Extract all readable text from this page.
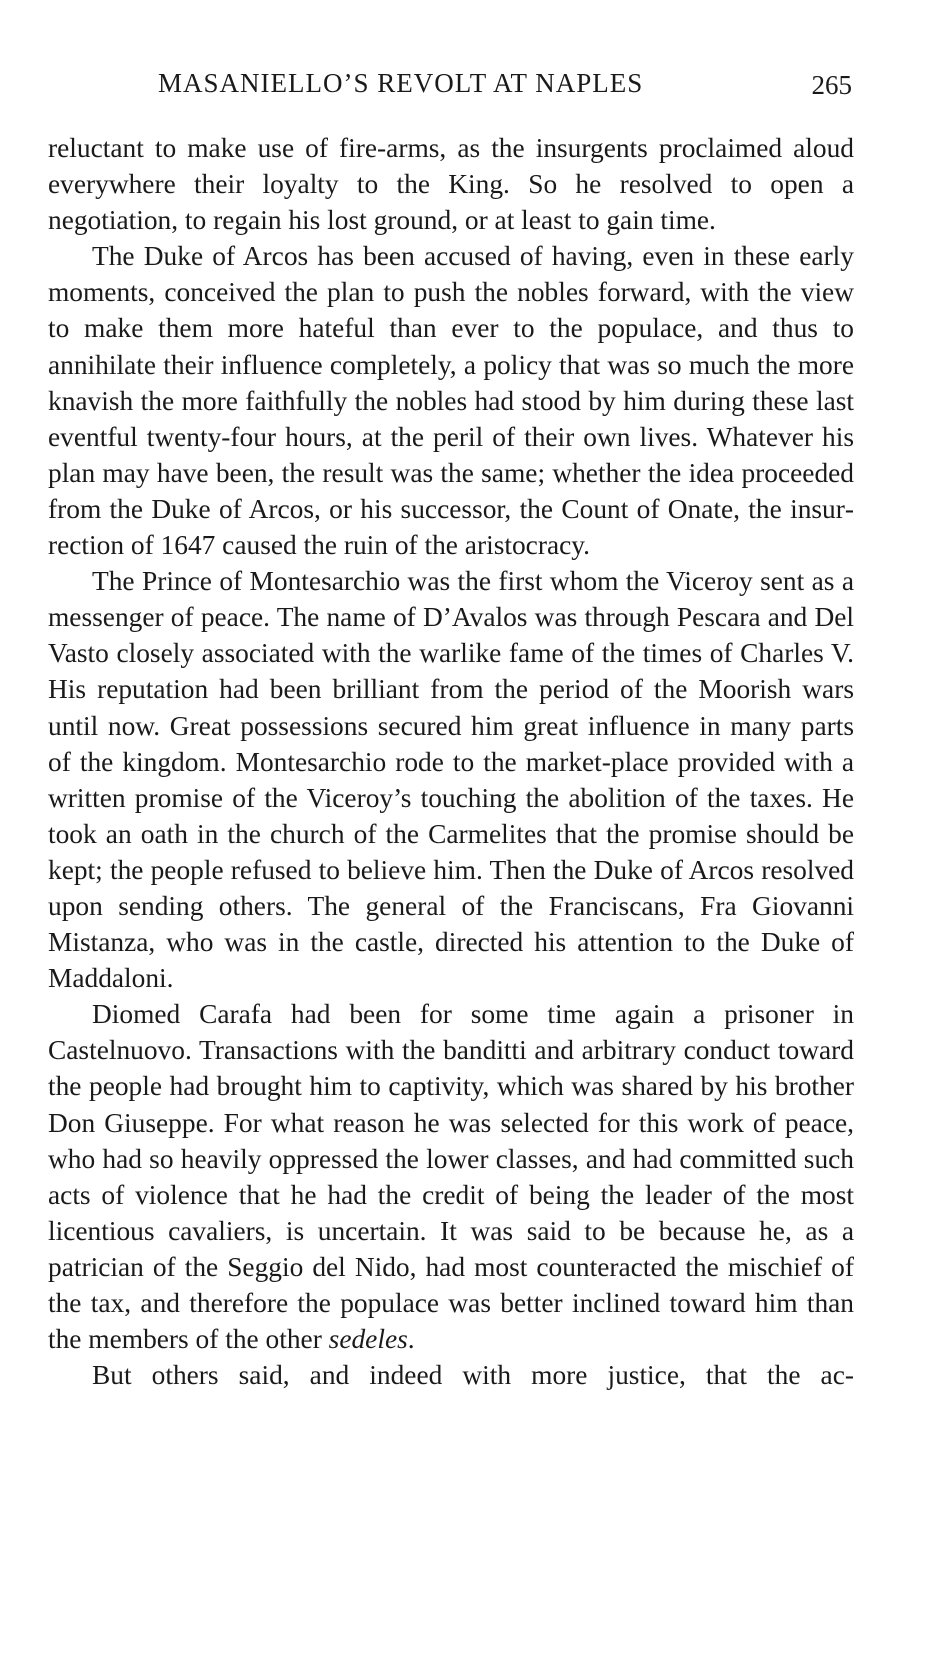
MASANIELLO’S REVOLT AT NAPLES	265

reluctant to make use of fire-arms, as the insurgents proclaimed aloud everywhere their loyalty to the King. So he resolved to open a negotiation, to regain his lost ground, or at least to gain time.

The Duke of Arcos has been accused of having, even in these early moments, conceived the plan to push the nobles forward, with the view to make them more hateful than ever to the populace, and thus to annihilate their influence completely, a policy that was so much the more knavish the more faithfully the nobles had stood by him during these last eventful twenty-four hours, at the peril of their own lives. Whatever his plan may have been, the result was the same; whether the idea proceeded from the Duke of Arcos, or his successor, the Count of Onate, the insurrection of 1647 caused the ruin of the aristocracy.

The Prince of Montesarchio was the first whom the Viceroy sent as a messenger of peace. The name of D’Avalos was through Pescara and Del Vasto closely associated with the warlike fame of the times of Charles V. His reputation had been brilliant from the period of the Moorish wars until now. Great possessions secured him great influence in many parts of the kingdom. Montesarchio rode to the market-place provided with a written promise of the Viceroy’s touching the abolition of the taxes. He took an oath in the church of the Carmelites that the promise should be kept; the people refused to believe him. Then the Duke of Arcos resolved upon sending others. The general of the Franciscans, Fra Giovanni Mistanza, who was in the castle, directed his attention to the Duke of Maddaloni.

Diomed Carafa had been for some time again a prisoner in Castelnuovo. Transactions with the banditti and arbitrary conduct toward the people had brought him to captivity, which was shared by his brother Don Giuseppe. For what reason he was selected for this work of peace, who had so heavily oppressed the lower classes, and had committed such acts of violence that he had the credit of being the leader of the most licentious cavaliers, is uncertain. It was said to be because he, as a patrician of the Seggio del Nido, had most counteracted the mischief of the tax, and therefore the populace was better inclined toward him than the members of the other sedeles.

But others said, and indeed with more justice, that the ac-
